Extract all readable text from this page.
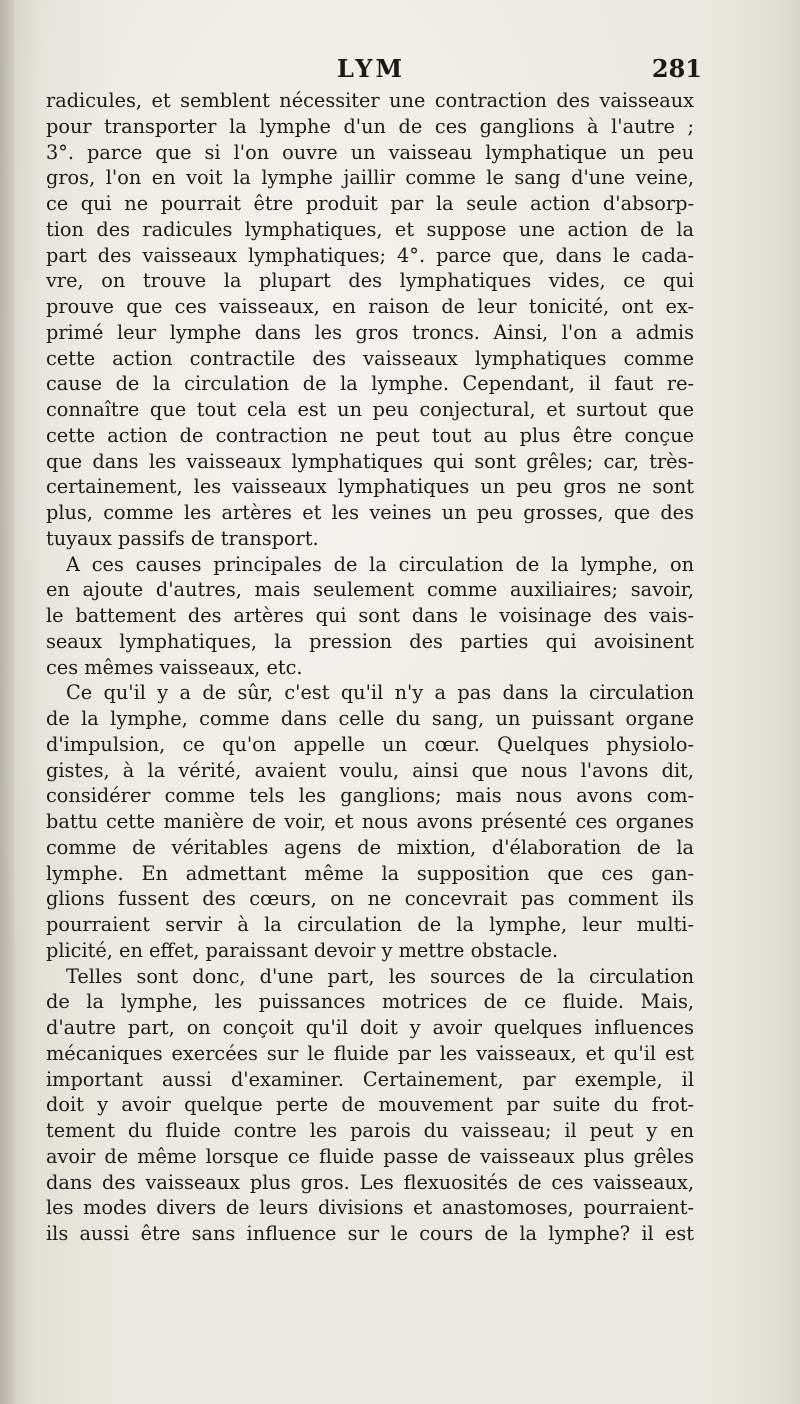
LYM	281
radicules, et semblent nécessiter une contraction des vaisseaux
pour transporter la lymphe d'un de ces ganglions à l'autre ;
3°. parce que si l'on ouvre un vaisseau lymphatique un peu
gros, l'on en voit la lymphe jaillir comme le sang d'une veine,
ce qui ne pourrait être produit par la seule action d'absorp-
tion des radicules lymphatiques, et suppose une action de la
part des vaisseaux lymphatiques; 4°. parce que, dans le cada-
vre, on trouve la plupart des lymphatiques vides, ce qui
prouve que ces vaisseaux, en raison de leur tonicité, ont ex-
primé leur lymphe dans les gros troncs. Ainsi, l'on a admis
cette action contractile des vaisseaux lymphatiques comme
cause de la circulation de la lymphe. Cependant, il faut re-
connaître que tout cela est un peu conjectural, et surtout que
cette action de contraction ne peut tout au plus être conçue
que dans les vaisseaux lymphatiques qui sont grêles; car, très-
certainement, les vaisseaux lymphatiques un peu gros ne sont
plus, comme les artères et les veines un peu grosses, que des
tuyaux passifs de transport.
A ces causes principales de la circulation de la lymphe, on
en ajoute d'autres, mais seulement comme auxiliaires; savoir,
le battement des artères qui sont dans le voisinage des vais-
seaux lymphatiques, la pression des parties qui avoisinent
ces mêmes vaisseaux, etc.
Ce qu'il y a de sûr, c'est qu'il n'y a pas dans la circulation
de la lymphe, comme dans celle du sang, un puissant organe
d'impulsion, ce qu'on appelle un cœur. Quelques physiolo-
gistes, à la vérité, avaient voulu, ainsi que nous l'avons dit,
considérer comme tels les ganglions; mais nous avons com-
battu cette manière de voir, et nous avons présenté ces organes
comme de véritables agens de mixtion, d'élaboration de la
lymphe. En admettant même la supposition que ces gan-
glions fussent des cœurs, on ne concevrait pas comment ils
pourraient servir à la circulation de la lymphe, leur multi-
plicité, en effet, paraissant devoir y mettre obstacle.
Telles sont donc, d'une part, les sources de la circulation
de la lymphe, les puissances motrices de ce fluide. Mais,
d'autre part, on conçoit qu'il doit y avoir quelques influences
mécaniques exercées sur le fluide par les vaisseaux, et qu'il est
important aussi d'examiner. Certainement, par exemple, il
doit y avoir quelque perte de mouvement par suite du frot-
tement du fluide contre les parois du vaisseau; il peut y en
avoir de même lorsque ce fluide passe de vaisseaux plus grêles
dans des vaisseaux plus gros. Les flexuosités de ces vaisseaux,
les modes divers de leurs divisions et anastomoses, pourraient-
ils aussi être sans influence sur le cours de la lymphe? il est
